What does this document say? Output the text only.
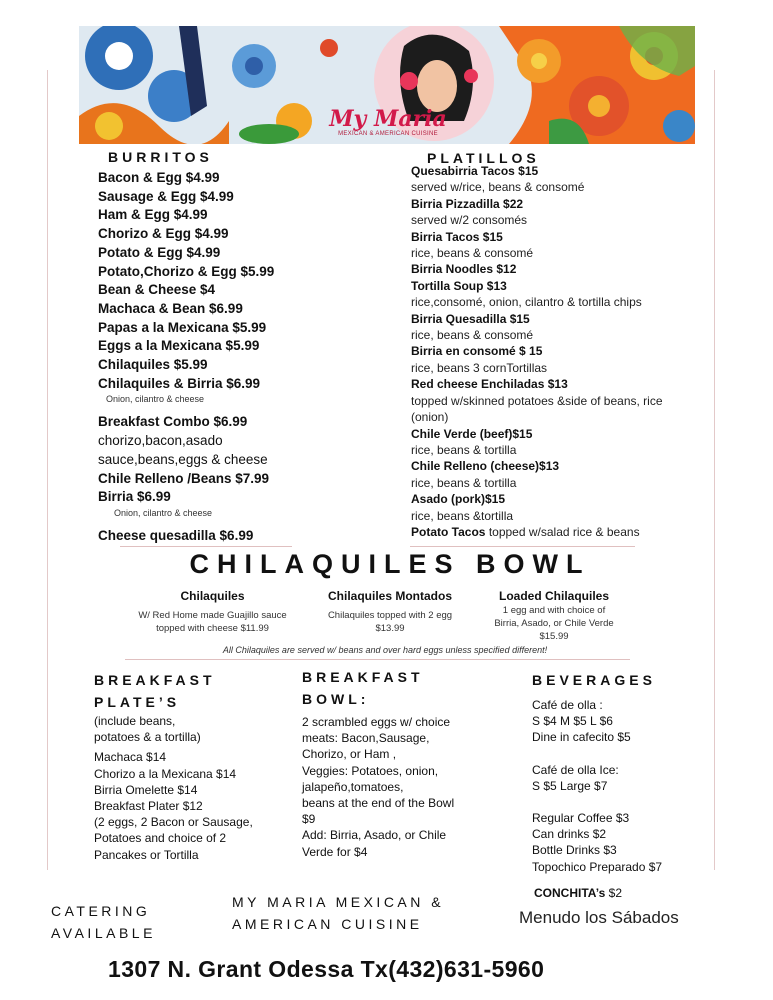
My Maria
MEXICAN & AMERICAN CUISINE
BURRITOS
Bacon & Egg $4.99
Sausage & Egg $4.99
Ham & Egg $4.99
Chorizo & Egg $4.99
Potato & Egg $4.99
Potato,Chorizo & Egg $5.99
Bean & Cheese $4
Machaca & Bean $6.99
Papas a la Mexicana $5.99
Eggs a la Mexicana $5.99
Chilaquiles $5.99
Chilaquiles & Birria $6.99
Onion, cilantro & cheese
Breakfast Combo $6.99
chorizo,bacon,asado
sauce,beans,eggs & cheese
Chile Relleno /Beans $7.99
Birria $6.99
Onion, cilantro & cheese
Cheese quesadilla $6.99
PLATILLOS
Quesabirria Tacos $15
served w/rice, beans & consomé
Birria Pizzadilla $22
served w/2 consomés
Birria Tacos $15
rice, beans & consomé
Birria Noodles $12
Tortilla Soup $13
rice,consomé, onion, cilantro & tortilla chips
Birria Quesadilla $15
rice, beans & consomé
Birria en consomé $ 15
rice, beans 3 cornTortillas
Red cheese Enchiladas $13
topped w/skinned potatoes &side of beans, rice (onion)
Chile Verde (beef)$15
rice, beans & tortilla
Chile Relleno (cheese)$13
rice, beans & tortilla
Asado (pork)$15
rice, beans &tortilla
Potato Tacos topped w/salad rice & beans
CHILAQUILES BOWL
Chilaquiles
W/ Red Home made Guajillo sauce
topped with cheese $11.99
Chilaquiles Montados
Chilaquiles topped with 2 egg
$13.99
Loaded Chilaquiles
1 egg and with choice of
Birria, Asado, or Chile Verde
$15.99
All Chilaquiles are served w/ beans and over hard eggs unless specified different!
BREAKFAST
PLATE’S
(include beans,
potatoes & a tortilla)
Machaca $14
Chorizo a la Mexicana $14
Birria Omelette $14
Breakfast Plater $12
(2 eggs, 2 Bacon or Sausage,
Potatoes and choice of 2
Pancakes or Tortilla
BREAKFAST
BOWL:
2 scrambled eggs w/ choice
meats: Bacon,Sausage,
Chorizo, or Ham ,
Veggies: Potatoes, onion,
jalapeño,tomatoes,
beans at the end of the Bowl
$9
Add: Birria, Asado, or Chile
Verde for $4
BEVERAGES
Café de olla :
S $4 M $5 L $6
Dine in cafecito $5
Café de olla Ice:
S $5 Large $7
Regular Coffee $3
Can drinks $2
Bottle Drinks $3
Topochico Preparado $7
CONCHITA’s $2
Menudo los Sábados
CATERING
AVAILABLE
MY MARIA MEXICAN &
AMERICAN CUISINE
1307 N. Grant Odessa Tx(432)631-5960
